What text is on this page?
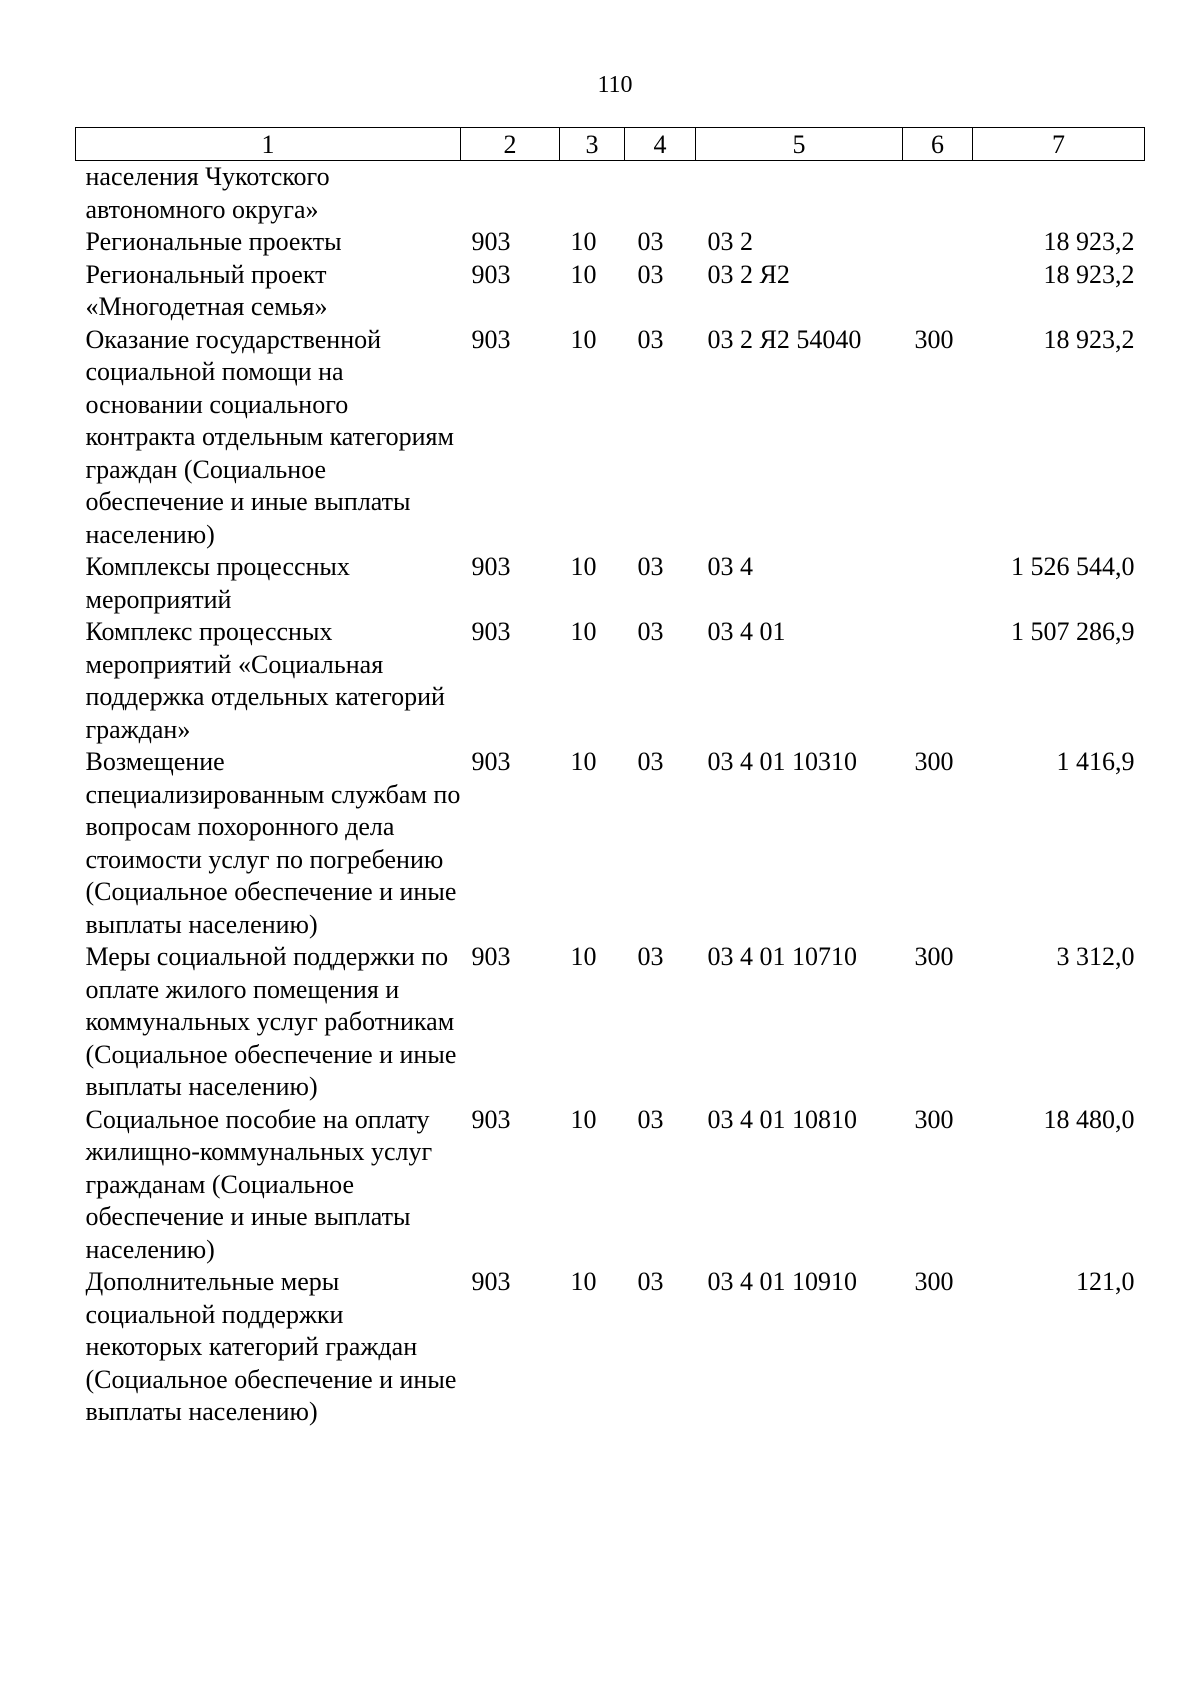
110
1	2	3	4	5	6	7
населения Чукотского автономного округа»						
Региональные проекты	903	10	03	03 2		18 923,2
Региональный проект «Многодетная семья»	903	10	03	03 2 Я2		18 923,2
Оказание государственной социальной помощи на основании социального контракта отдельным категориям граждан (Социальное обеспечение и иные выплаты населению)	903	10	03	03 2 Я2 54040	300	18 923,2
Комплексы процессных мероприятий	903	10	03	03 4		1 526 544,0
Комплекс процессных мероприятий «Социальная поддержка отдельных категорий граждан»	903	10	03	03 4 01		1 507 286,9
Возмещение специализированным службам по вопросам похоронного дела стоимости услуг по погребению (Социальное обеспечение и иные выплаты населению)	903	10	03	03 4 01 10310	300	1 416,9
Меры социальной поддержки по оплате жилого помещения и коммунальных услуг работникам (Социальное обеспечение и иные выплаты населению)	903	10	03	03 4 01 10710	300	3 312,0
Социальное пособие на оплату жилищно-коммунальных услуг гражданам (Социальное обеспечение и иные выплаты населению)	903	10	03	03 4 01 10810	300	18 480,0
Дополнительные меры социальной поддержки некоторых категорий граждан (Социальное обеспечение и иные выплаты населению)	903	10	03	03 4 01 10910	300	121,0
